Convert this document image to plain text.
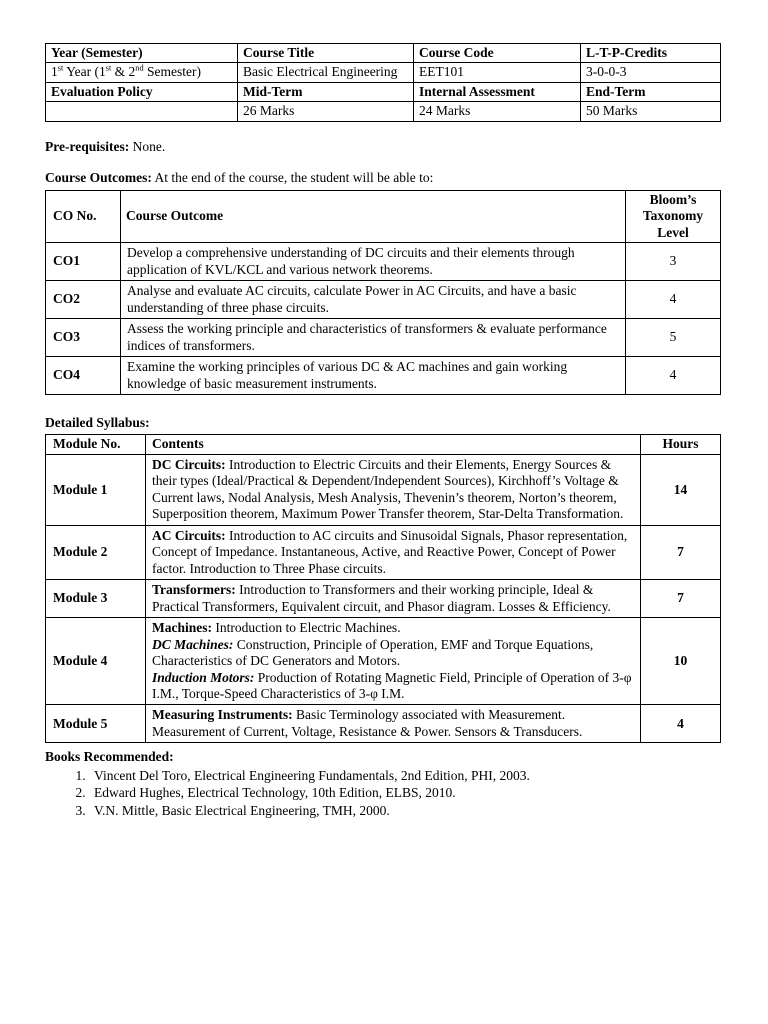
Year (Semester)	Course Title	Course Code	L-T-P-Credits
1st Year (1st & 2nd Semester)	Basic Electrical Engineering	EET101	3-0-0-3
Evaluation Policy	Mid-Term	Internal Assessment	End-Term
	26 Marks	24 Marks	50 Marks

Pre-requisites: None.

Course Outcomes: At the end of the course, the student will be able to:

CO No.	Course Outcome	Bloom’s Taxonomy Level
CO1	Develop a comprehensive understanding of DC circuits and their elements through application of KVL/KCL and various network theorems.	3
CO2	Analyse and evaluate AC circuits, calculate Power in AC Circuits, and have a basic understanding of three phase circuits.	4
CO3	Assess the working principle and characteristics of transformers & evaluate performance indices of transformers.	5
CO4	Examine the working principles of various DC & AC machines and gain working knowledge of basic measurement instruments.	4

Detailed Syllabus:

Module No.	Contents	Hours
Module 1	DC Circuits: Introduction to Electric Circuits and their Elements, Energy Sources & their types (Ideal/Practical & Dependent/Independent Sources), Kirchhoff’s Voltage & Current laws, Nodal Analysis, Mesh Analysis, Thevenin’s theorem, Norton’s theorem, Superposition theorem, Maximum Power Transfer theorem, Star-Delta Transformation.	14
Module 2	AC Circuits: Introduction to AC circuits and Sinusoidal Signals, Phasor representation, Concept of Impedance. Instantaneous, Active, and Reactive Power, Concept of Power factor. Introduction to Three Phase circuits.	7
Module 3	Transformers: Introduction to Transformers and their working principle, Ideal & Practical Transformers, Equivalent circuit, and Phasor diagram. Losses & Efficiency.	7
Module 4	Machines: Introduction to Electric Machines.
DC Machines: Construction, Principle of Operation, EMF and Torque Equations, Characteristics of DC Generators and Motors.
Induction Motors: Production of Rotating Magnetic Field, Principle of Operation of 3-φ I.M., Torque-Speed Characteristics of 3-φ I.M.	10
Module 5	Measuring Instruments: Basic Terminology associated with Measurement. Measurement of Current, Voltage, Resistance & Power. Sensors & Transducers.	4

Books Recommended:

1. Vincent Del Toro, Electrical Engineering Fundamentals, 2nd Edition, PHI, 2003.
2. Edward Hughes, Electrical Technology, 10th Edition, ELBS, 2010.
3. V.N. Mittle, Basic Electrical Engineering, TMH, 2000.
